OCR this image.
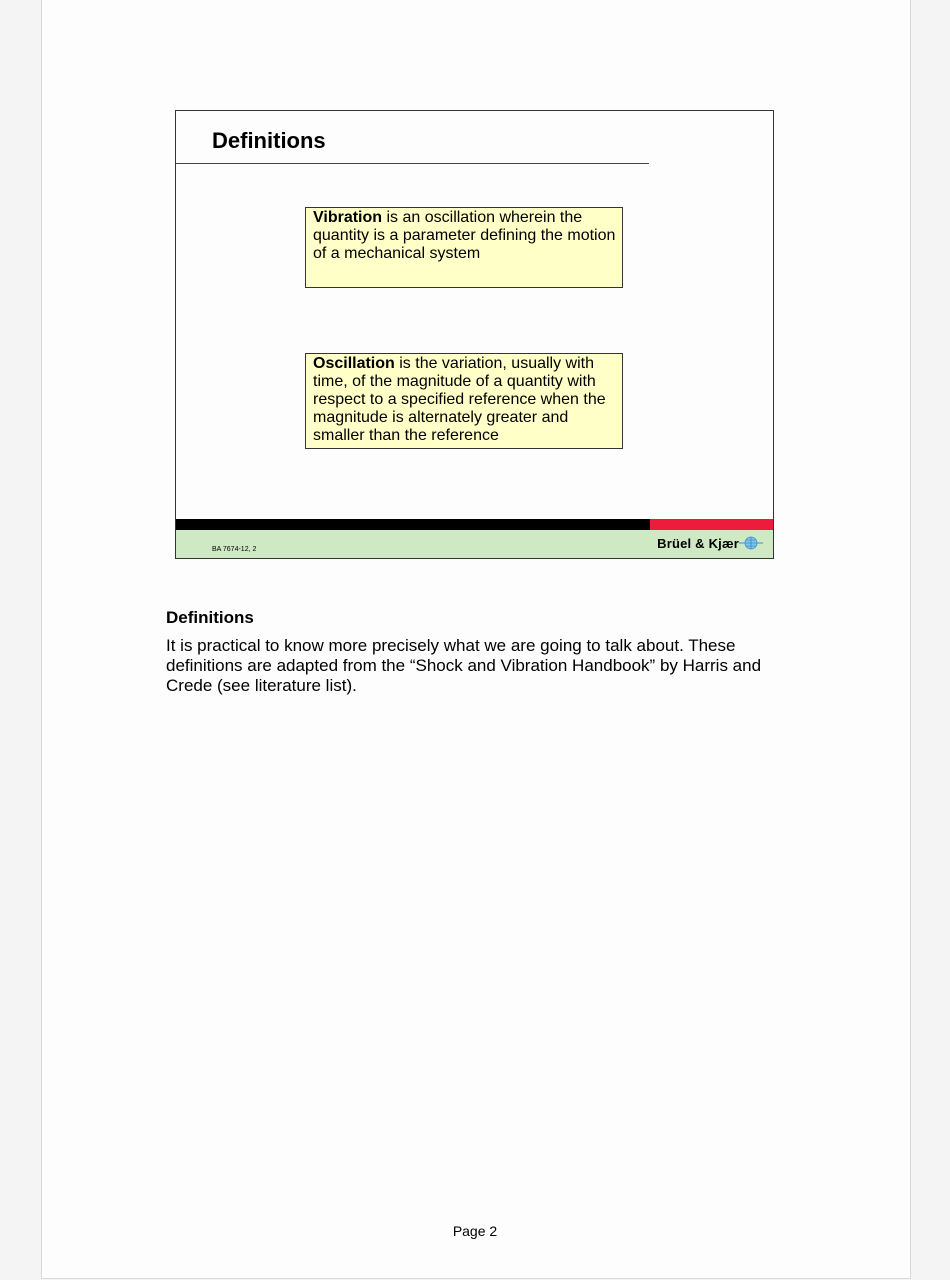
Definitions
Vibration is an oscillation wherein the quantity is a parameter defining the motion of a mechanical system
Oscillation is the variation, usually with time, of the magnitude of a quantity with respect to a specified reference when the magnitude is alternately greater and smaller than the reference
BA 7674-12, 2	Brüel & Kjær
Definitions
It is practical to know more precisely what we are going to talk about. These definitions are adapted from the “Shock and Vibration Handbook” by Harris and Crede (see literature list).
Page 2
